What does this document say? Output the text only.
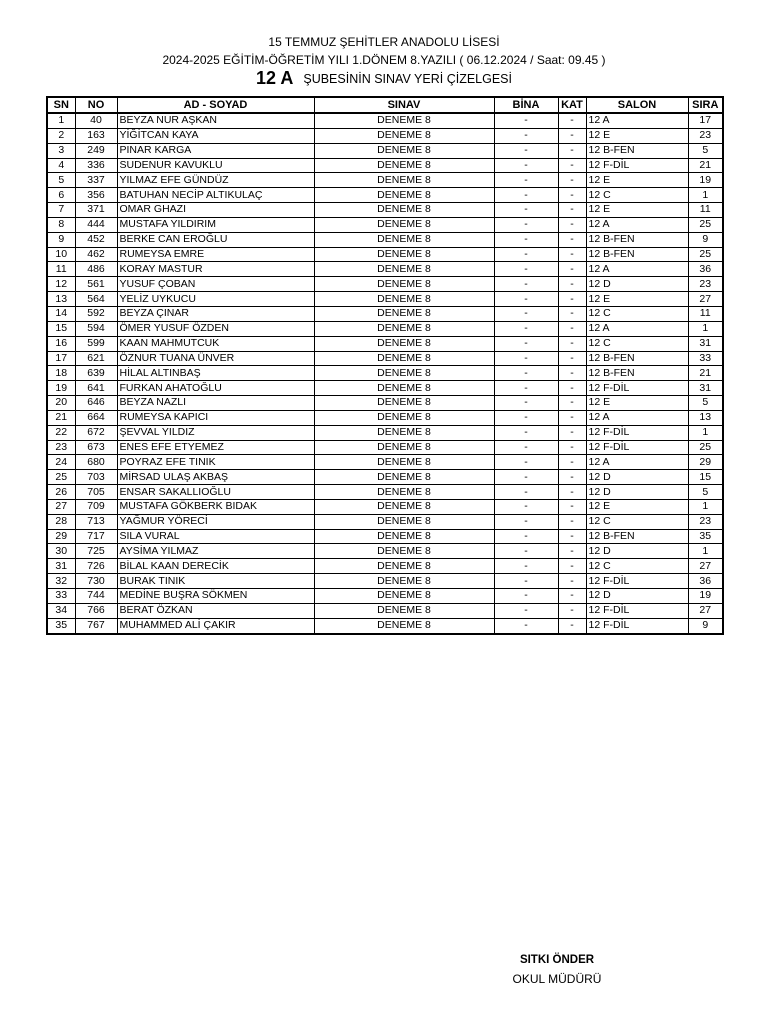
15 TEMMUZ ŞEHİTLER ANADOLU LİSESİ
2024-2025 EĞİTİM-ÖĞRETİM YILI 1.DÖNEM 8.YAZILI ( 06.12.2024 / Saat: 09.45 )
12 A ŞUBESİNİN SINAV YERİ ÇİZELGESİ
SN	NO	AD - SOYAD	SINAV	BİNA	KAT	SALON	SIRA
1	40	BEYZA NUR AŞKAN	DENEME 8	-	-	12 A	17
2	163	YİĞİTCAN KAYA	DENEME 8	-	-	12 E	23
3	249	PINAR KARGA	DENEME 8	-	-	12 B-FEN	5
4	336	SUDENUR KAVUKLU	DENEME 8	-	-	12 F-DİL	21
5	337	YILMAZ EFE GÜNDÜZ	DENEME 8	-	-	12 E	19
6	356	BATUHAN NECİP ALTIKULAÇ	DENEME 8	-	-	12 C	1
7	371	OMAR GHAZI	DENEME 8	-	-	12 E	11
8	444	MUSTAFA YILDIRIM	DENEME 8	-	-	12 A	25
9	452	BERKE CAN EROĞLU	DENEME 8	-	-	12 B-FEN	9
10	462	RUMEYSA EMRE	DENEME 8	-	-	12 B-FEN	25
11	486	KORAY MASTUR	DENEME 8	-	-	12 A	36
12	561	YUSUF ÇOBAN	DENEME 8	-	-	12 D	23
13	564	YELİZ UYKUCU	DENEME 8	-	-	12 E	27
14	592	BEYZA ÇINAR	DENEME 8	-	-	12 C	11
15	594	ÖMER YUSUF ÖZDEN	DENEME 8	-	-	12 A	1
16	599	KAAN MAHMUTCUK	DENEME 8	-	-	12 C	31
17	621	ÖZNUR TUANA ÜNVER	DENEME 8	-	-	12 B-FEN	33
18	639	HİLAL ALTINBAŞ	DENEME 8	-	-	12 B-FEN	21
19	641	FURKAN AHATOĞLU	DENEME 8	-	-	12 F-DİL	31
20	646	BEYZA NAZLI	DENEME 8	-	-	12 E	5
21	664	RUMEYSA KAPICI	DENEME 8	-	-	12 A	13
22	672	ŞEVVAL YILDIZ	DENEME 8	-	-	12 F-DİL	1
23	673	ENES EFE ETYEMEZ	DENEME 8	-	-	12 F-DİL	25
24	680	POYRAZ EFE TINIK	DENEME 8	-	-	12 A	29
25	703	MİRSAD ULAŞ AKBAŞ	DENEME 8	-	-	12 D	15
26	705	ENSAR SAKALLIOĞLU	DENEME 8	-	-	12 D	5
27	709	MUSTAFA GÖKBERK BIDAK	DENEME 8	-	-	12 E	1
28	713	YAĞMUR YÖRECİ	DENEME 8	-	-	12 C	23
29	717	SILA VURAL	DENEME 8	-	-	12 B-FEN	35
30	725	AYSİMA YILMAZ	DENEME 8	-	-	12 D	1
31	726	BİLAL KAAN DERECİK	DENEME 8	-	-	12 C	27
32	730	BURAK TINIK	DENEME 8	-	-	12 F-DİL	36
33	744	MEDİNE BUŞRA SÖKMEN	DENEME 8	-	-	12 D	19
34	766	BERAT ÖZKAN	DENEME 8	-	-	12 F-DİL	27
35	767	MUHAMMED ALİ ÇAKIR	DENEME 8	-	-	12 F-DİL	9
SITKI ÖNDER
OKUL MÜDÜRÜ
